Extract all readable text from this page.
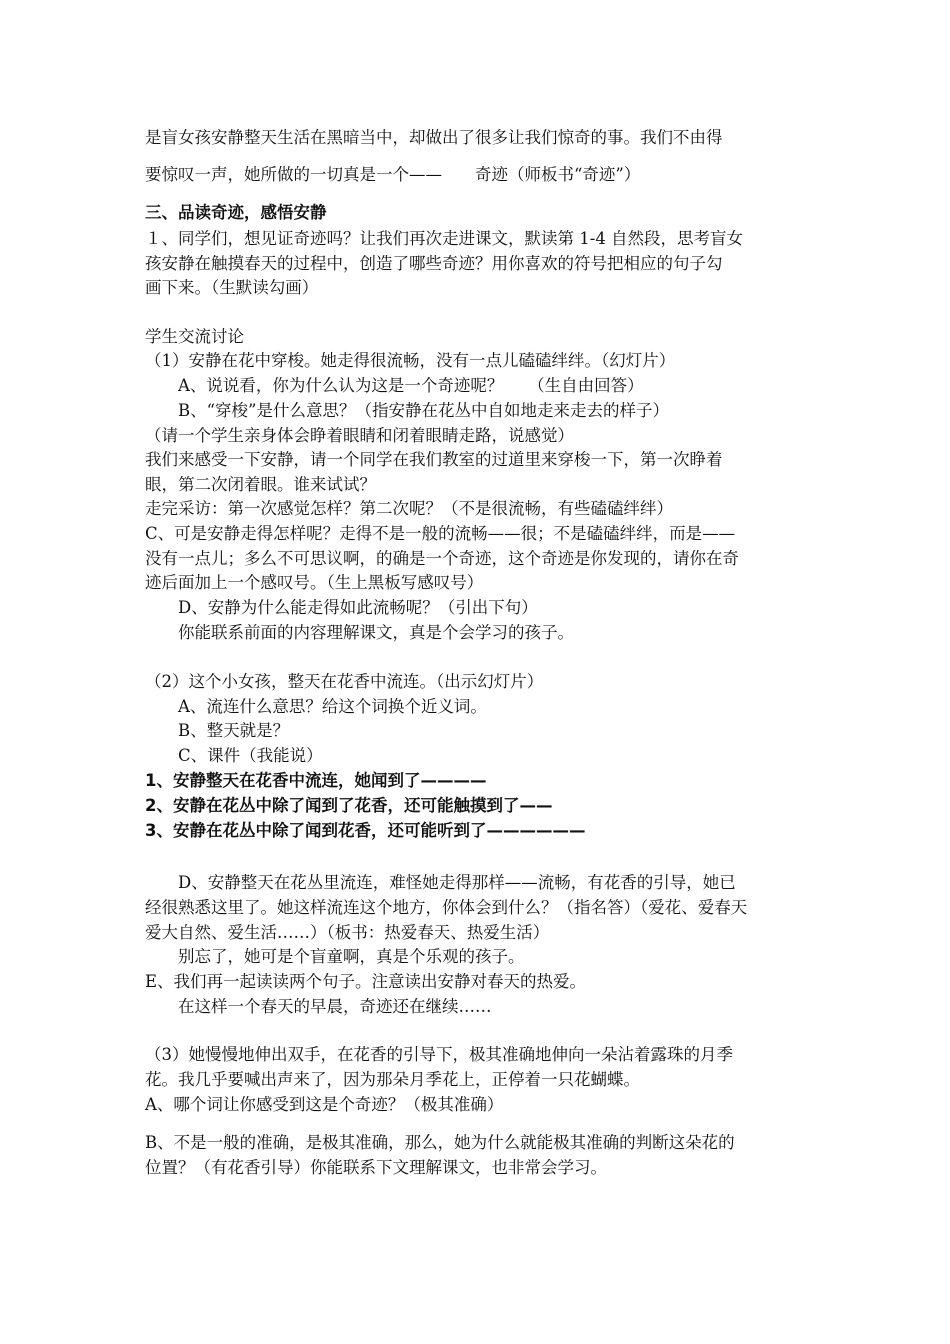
是盲女孩安静整天生活在黑暗当中，却做出了很多让我们惊奇的事。我们不由得
要惊叹一声，她所做的一切真是一个——　　奇迹（师板书“奇迹”）
三、品读奇迹，感悟安静
１、同学们，想见证奇迹吗？让我们再次走进课文，默读第 1-4 自然段，思考盲女
孩安静在触摸春天的过程中，创造了哪些奇迹？用你喜欢的符号把相应的句子勾
画下来。（生默读勾画）
学生交流讨论
（1）安静在花中穿梭。她走得很流畅，没有一点儿磕磕绊绊。（幻灯片）
　　A、说说看，你为什么认为这是一个奇迹呢？　　（生自由回答）
　　B、“穿梭”是什么意思？（指安静在花丛中自如地走来走去的样子）
（请一个学生亲身体会睁着眼睛和闭着眼睛走路，说感觉）
我们来感受一下安静，请一个同学在我们教室的过道里来穿梭一下，第一次睁着
眼，第二次闭着眼。谁来试试？
走完采访：第一次感觉怎样？第二次呢？（不是很流畅，有些磕磕绊绊）
C、可是安静走得怎样呢？走得不是一般的流畅——很；不是磕磕绊绊，而是——
没有一点儿；多么不可思议啊，的确是一个奇迹，这个奇迹是你发现的，请你在奇
迹后面加上一个感叹号。（生上黑板写感叹号）
　　D、安静为什么能走得如此流畅呢？（引出下句）
　　你能联系前面的内容理解课文，真是个会学习的孩子。
（2）这个小女孩，整天在花香中流连。（出示幻灯片）
　　A、流连什么意思？给这个词换个近义词。
　　B、整天就是？
　　C、课件（我能说）
1、安静整天在花香中流连，她闻到了————
2、安静在花丛中除了闻到了花香，还可能触摸到了——
3、安静在花丛中除了闻到花香，还可能听到了——————
　　D、安静整天在花丛里流连，难怪她走得那样——流畅，有花香的引导，她已
经很熟悉这里了。她这样流连这个地方，你体会到什么？（指名答）（爱花、爱春天
爱大自然、爱生活……）（板书：热爱春天、热爱生活）
　　别忘了，她可是个盲童啊，真是个乐观的孩子。
E、我们再一起读读两个句子。注意读出安静对春天的热爱。
　　在这样一个春天的早晨，奇迹还在继续……
（3）她慢慢地伸出双手，在花香的引导下，极其准确地伸向一朵沾着露珠的月季
花。我几乎要喊出声来了，因为那朵月季花上，正停着一只花蝴蝶。
A、哪个词让你感受到这是个奇迹？（极其准确）
B、不是一般的准确，是极其准确，那么，她为什么就能极其准确的判断这朵花的
位置？（有花香引导）你能联系下文理解课文，也非常会学习。
